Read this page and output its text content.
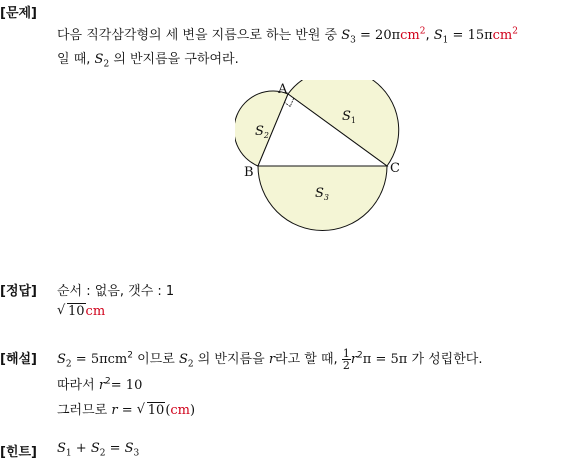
[문제]
다음 직각삼각형의 세 변을 지름으로 하는 반원 중 $S_3 = 20\pi cm^2$, $S_1 = 15\pi cm^2$
일 때, $S_2$ 의 반지름을 구하여라.
A
B	C
$S_1$
$S_2$
$S_3$
[정답] 순서 : 없음, 갯수 : 1
√ 10cm
[해설] $S_2 = 5\pi cm^2$ 이므로 $S_2$ 의 반지름을 r라고 할 때, $\frac{1}{2} r^2\pi = 5\pi$ 가 성립한다.
따라서 $r^2= 10$
그러므로 r = √ 10(cm)
[힌트] $S_1 + S_2 = S_3$
